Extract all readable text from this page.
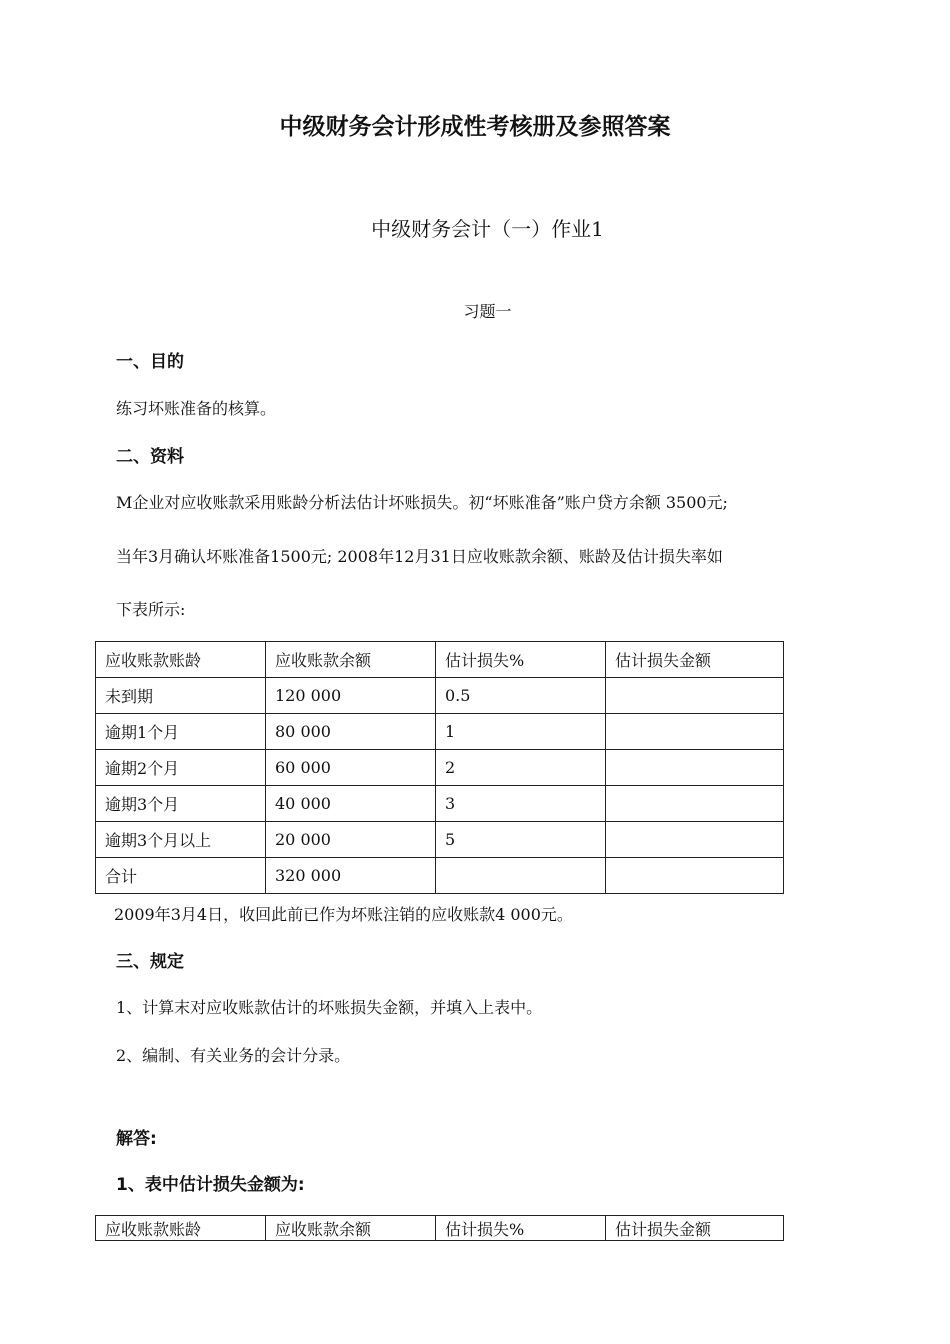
中级财务会计形成性考核册及参照答案
中级财务会计（一）作业1
习题一
一、目的
练习坏账准备的核算。
二、资料
M企业对应收账款采用账龄分析法估计坏账损失。初“坏账准备”账户贷方余额 3500元;
当年3月确认坏账准备1500元; 2008年12月31日应收账款余额、账龄及估计损失率如
下表所示:
应收账款账龄	应收账款余额	估计损失%	估计损失金额
未到期	120 000	0.5	
逾期1个月	80 000	1	
逾期2个月	60 000	2	
逾期3个月	40 000	3	
逾期3个月以上	20 000	5	
合计	320 000		
2009年3月4日，收回此前已作为坏账注销的应收账款4 000元。
三、规定
1、计算末对应收账款估计的坏账损失金额，并填入上表中。
2、编制、有关业务的会计分录。
解答:
1、表中估计损失金额为:
应收账款账龄	应收账款余额	估计损失%	估计损失金额
